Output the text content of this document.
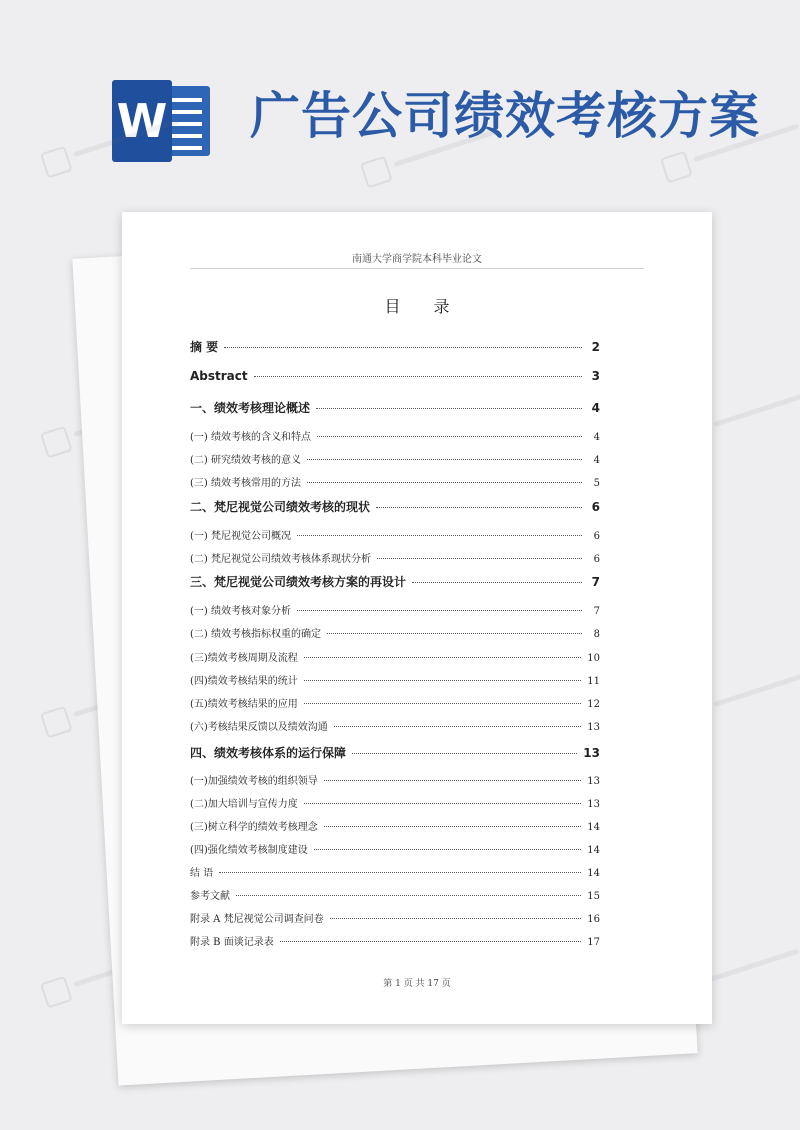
W 广告公司绩效考核方案

南通大学商学院本科毕业论文

目 录
摘 要	2
Abstract	3
一、绩效考核理论概述	4
(一) 绩效考核的含义和特点	4
(二) 研究绩效考核的意义	4
(三) 绩效考核常用的方法	5
二、梵尼视觉公司绩效考核的现状	6
(一) 梵尼视觉公司概况	6
(二) 梵尼视觉公司绩效考核体系现状分析	6
三、梵尼视觉公司绩效考核方案的再设计	7
(一) 绩效考核对象分析	7
(二) 绩效考核指标权重的确定	8
(三)绩效考核周期及流程	10
(四)绩效考核结果的统计	11
(五)绩效考核结果的应用	12
(六)考核结果反馈以及绩效沟通	13
四、绩效考核体系的运行保障	13
(一)加强绩效考核的组织领导	13
(二)加大培训与宣传力度	13
(三)树立科学的绩效考核理念	14
(四)强化绩效考核制度建设	14
结 语	14
参考文献	15
附录 A 梵尼视觉公司调查问卷	16
附录 B 面谈记录表	17

第 1 页 共 17 页
